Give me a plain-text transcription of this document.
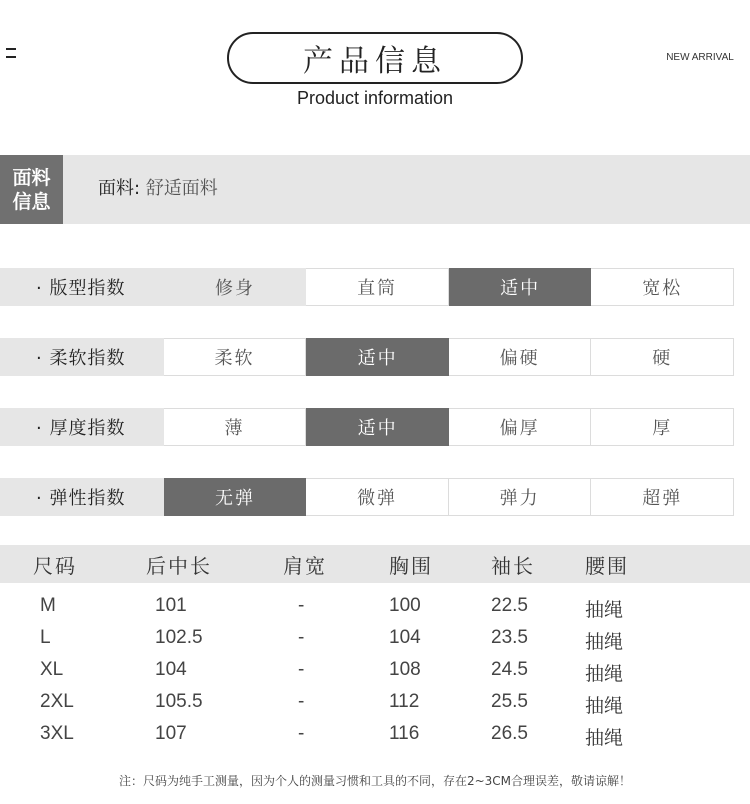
产品信息
Product information
NEW ARRIVAL
面料
信息
面料: 舒适面料
· 版型指数	修身	直筒	适中	宽松
· 柔软指数	柔软	适中	偏硬	硬
· 厚度指数	薄	适中	偏厚	厚
· 弹性指数	无弹	微弹	弹力	超弹
尺码	后中长	肩宽	胸围	袖长	腰围
M	101	-	100	22.5	抽绳
L	102.5	-	104	23.5	抽绳
XL	104	-	108	24.5	抽绳
2XL	105.5	-	112	25.5	抽绳
3XL	107	-	116	26.5	抽绳
注：尺码为纯手工测量，因为个人的测量习惯和工具的不同，存在2~3CM合理误差，敬请谅解！
